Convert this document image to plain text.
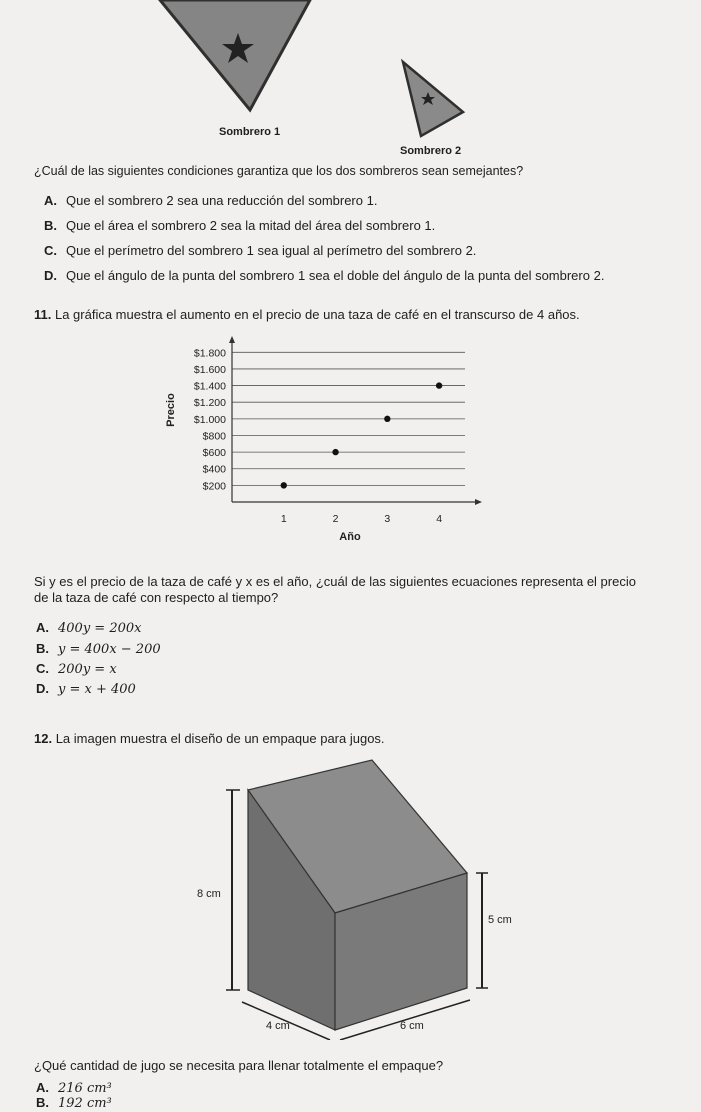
Sombrero 1
Sombrero 2
¿Cuál de las siguientes condiciones garantiza que los dos sombreros sean semejantes?
A. Que el sombrero 2 sea una reducción del sombrero 1.
B. Que el área el sombrero 2 sea la mitad del área del sombrero 1.
C. Que el perímetro del sombrero 1 sea igual al perímetro del sombrero 2.
D. Que el ángulo de la punta del sombrero 1 sea el doble del ángulo de la punta del sombrero 2.
11. La gráfica muestra el aumento en el precio de una taza de café en el transcurso de 4 años.
$200
$400
$600
$800
$1.000
$1.200
$1.400
$1.600
$1.800
1	2	3	4
Precio
Año
Si y es el precio de la taza de café y x es el año, ¿cuál de las siguientes ecuaciones representa el precio
de la taza de café con respecto al tiempo?
A. 400y = 200x
B. y = 400x − 200
C. 200y = x
D. y = x + 400
12. La imagen muestra el diseño de un empaque para jugos.
8 cm
5 cm
4 cm	6 cm
¿Qué cantidad de jugo se necesita para llenar totalmente el empaque?
A. 216 cm³
B. 192 cm³
